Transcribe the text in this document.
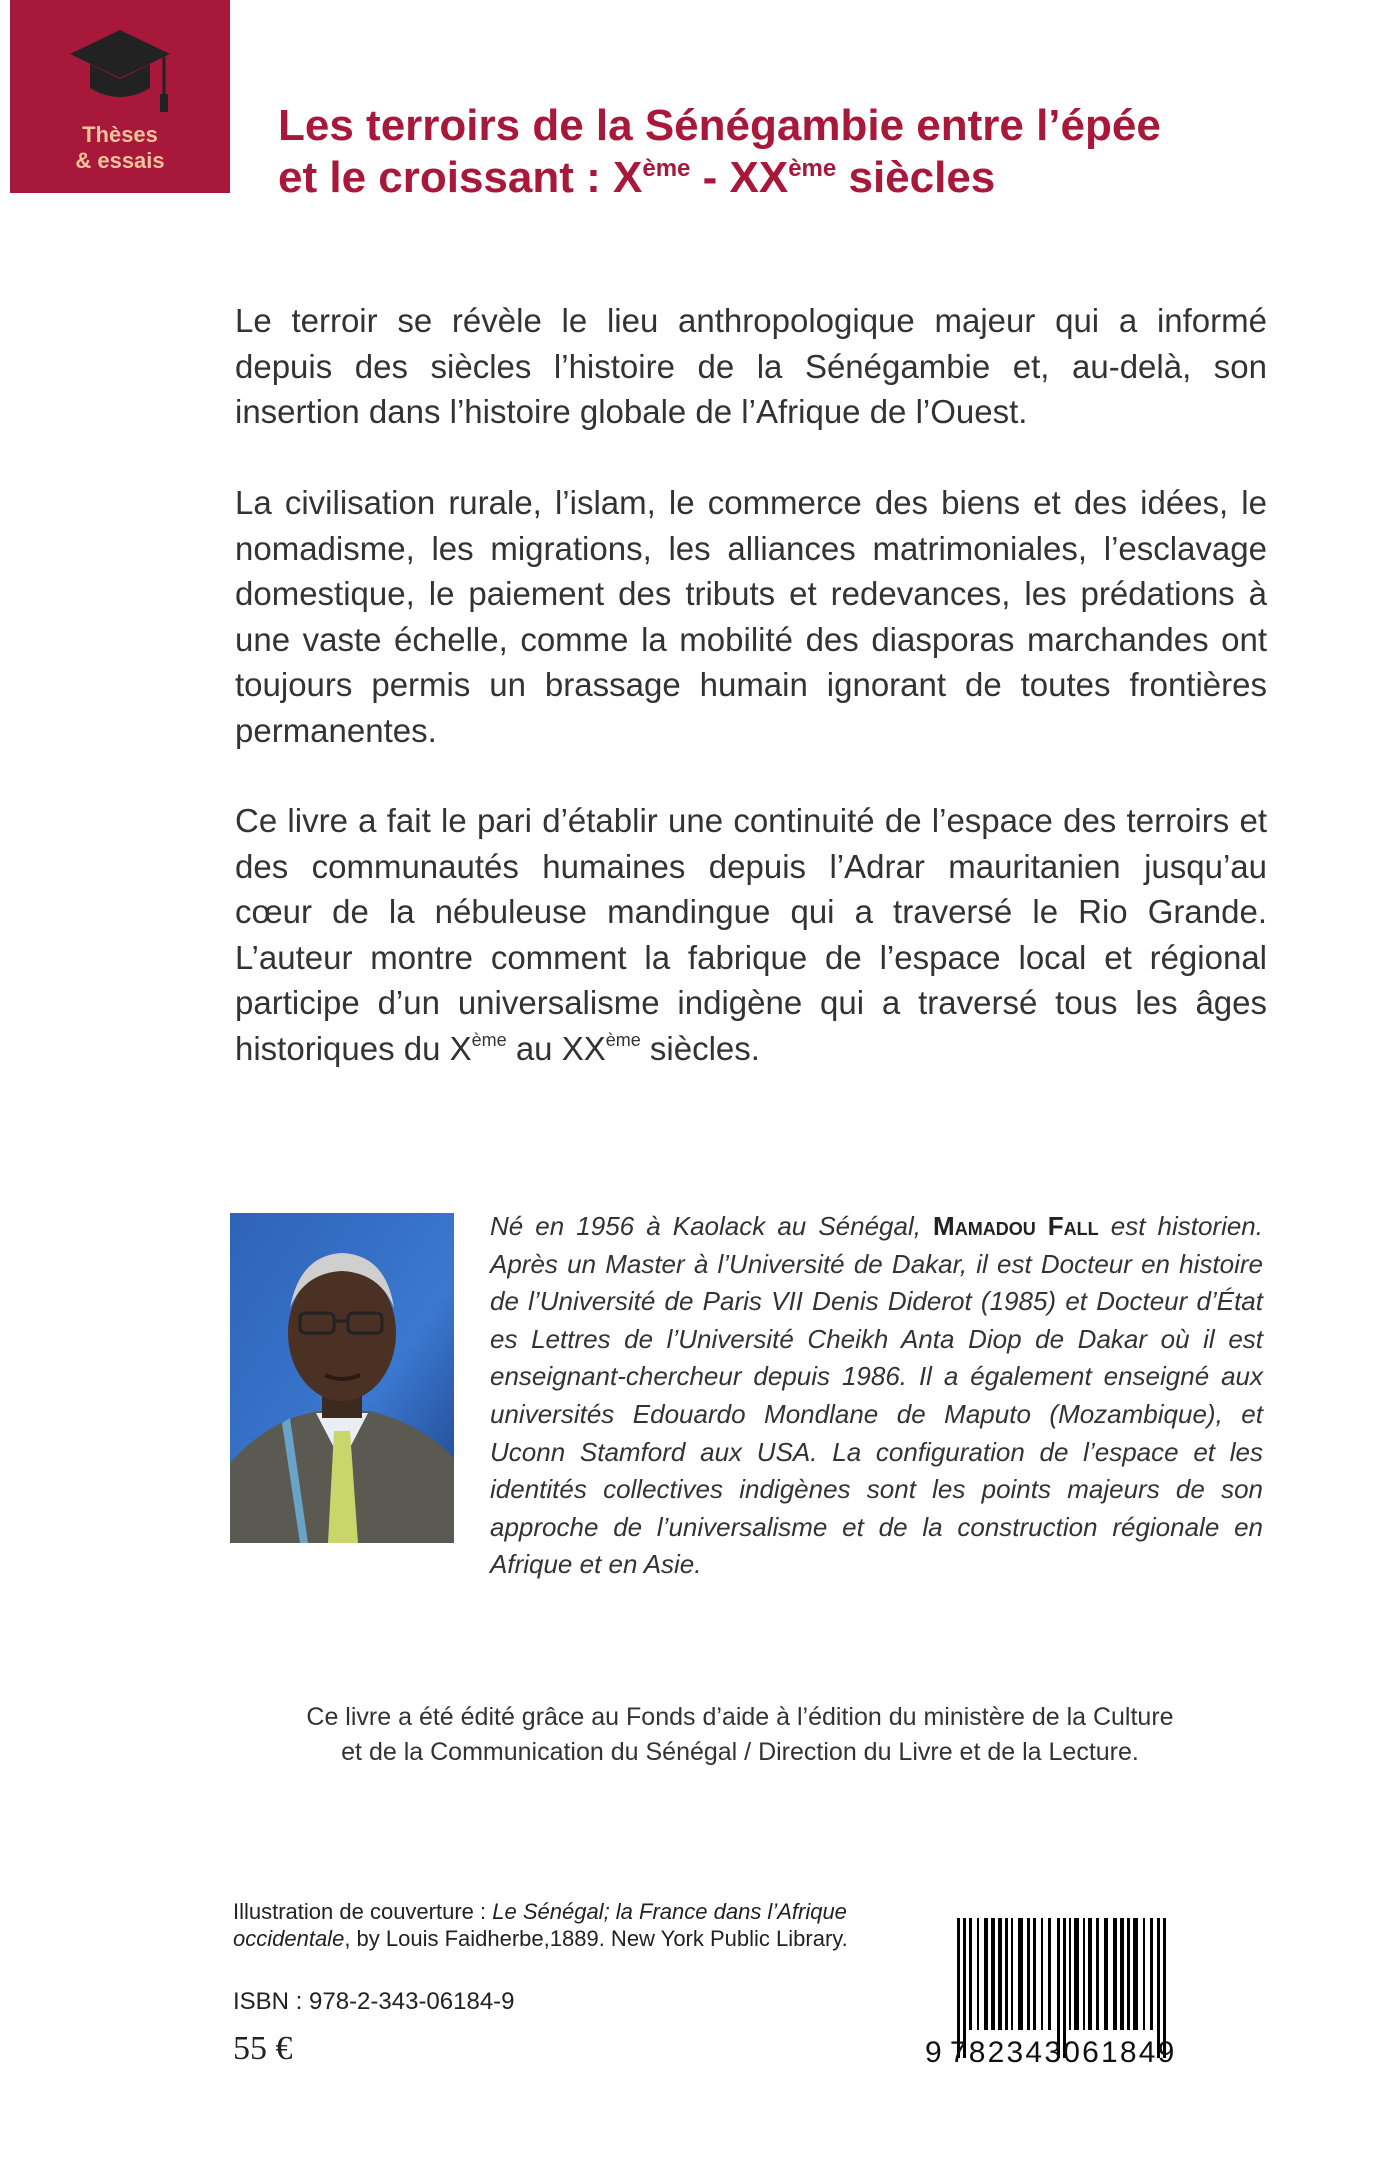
Thèses
& essais
Les terroirs de la Sénégambie entre l’épée
et le croissant : Xème - XXème siècles

Le terroir se révèle le lieu anthropologique majeur qui a informé depuis des siècles l’histoire de la Sénégambie et, au-delà, son insertion dans l’histoire globale de l’Afrique de l’Ouest.

La civilisation rurale, l’islam, le commerce des biens et des idées, le nomadisme, les migrations, les alliances matrimoniales, l’esclavage domestique, le paiement des tributs et redevances, les prédations à une vaste échelle, comme la mobilité des diasporas marchandes ont toujours permis un brassage humain ignorant de toutes frontières permanentes.

Ce livre a fait le pari d’établir une continuité de l’espace des terroirs et des communautés humaines depuis l’Adrar mauritanien jusqu’au cœur de la nébuleuse mandingue qui a traversé le Rio Grande. L’auteur montre comment la fabrique de l’espace local et régional participe d’un universalisme indigène qui a traversé tous les âges historiques du Xème au XXème siècles.

Né en 1956 à Kaolack au Sénégal, Mamadou Fall est historien. Après un Master à l’Université de Dakar, il est Docteur en histoire de l’Université de Paris VII Denis Diderot (1985) et Docteur d’État es Lettres de l’Université Cheikh Anta Diop de Dakar où il est enseignant-chercheur depuis 1986. Il a également enseigné aux universités Edouardo Mondlane de Maputo (Mozambique), et Uconn Stamford aux USA. La configuration de l’espace et les identités collectives indigènes sont les points majeurs de son approche de l’universalisme et de la construction régionale en Afrique et en Asie.

Ce livre a été édité grâce au Fonds d’aide à l’édition du ministère de la Culture
et de la Communication du Sénégal / Direction du Livre et de la Lecture.

Illustration de couverture : Le Sénégal; la France dans l’Afrique occidentale, by Louis Faidherbe,1889. New York Public Library.

ISBN : 978-2-343-06184-9
55 €	9 782343061849
